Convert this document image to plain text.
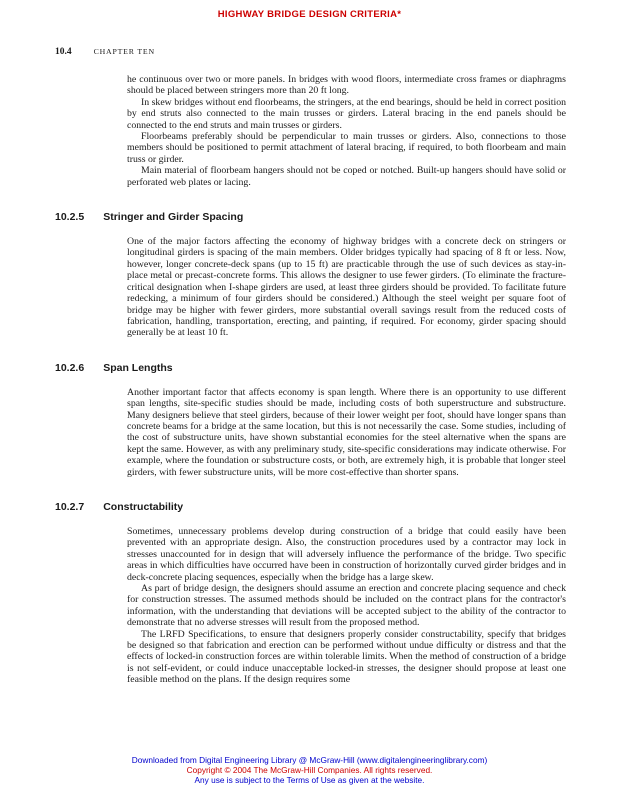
HIGHWAY BRIDGE DESIGN CRITERIA*
10.4	CHAPTER TEN

he continuous over two or more panels. In bridges with wood floors, intermediate cross frames or diaphragms should be placed between stringers more than 20 ft long.

In skew bridges without end floorbeams, the stringers, at the end bearings, should be held in correct position by end struts also connected to the main trusses or girders. Lateral bracing in the end panels should be connected to the end struts and main trusses or girders.

Floorbeams preferably should be perpendicular to main trusses or girders. Also, connections to those members should be positioned to permit attachment of lateral bracing, if required, to both floorbeam and main truss or girder.

Main material of floorbeam hangers should not be coped or notched. Built-up hangers should have solid or perforated web plates or lacing.

10.2.5 Stringer and Girder Spacing

One of the major factors affecting the economy of highway bridges with a concrete deck on stringers or longitudinal girders is spacing of the main members. Older bridges typically had spacing of 8 ft or less. Now, however, longer concrete-deck spans (up to 15 ft) are practicable through the use of such devices as stay-in-place metal or precast-concrete forms. This allows the designer to use fewer girders. (To eliminate the fracture-critical designation when I-shape girders are used, at least three girders should be provided. To facilitate future redecking, a minimum of four girders should be considered.) Although the steel weight per square foot of bridge may be higher with fewer girders, more substantial overall savings result from the reduced costs of fabrication, handling, transportation, erecting, and painting, if required. For economy, girder spacing should generally be at least 10 ft.

10.2.6 Span Lengths

Another important factor that affects economy is span length. Where there is an opportunity to use different span lengths, site-specific studies should be made, including costs of both superstructure and substructure. Many designers believe that steel girders, because of their lower weight per foot, should have longer spans than concrete beams for a bridge at the same location, but this is not necessarily the case. Some studies, including of the cost of substructure units, have shown substantial economies for the steel alternative when the spans are kept the same. However, as with any preliminary study, site-specific considerations may indicate otherwise. For example, where the foundation or substructure costs, or both, are extremely high, it is probable that longer steel girders, with fewer substructure units, will be more cost-effective than shorter spans.

10.2.7 Constructability

Sometimes, unnecessary problems develop during construction of a bridge that could easily have been prevented with an appropriate design. Also, the construction procedures used by a contractor may lock in stresses unaccounted for in design that will adversely influence the performance of the bridge. Two specific areas in which difficulties have occurred have been in construction of horizontally curved girder bridges and in deck-concrete placing sequences, especially when the bridge has a large skew.

As part of bridge design, the designers should assume an erection and concrete placing sequence and check for construction stresses. The assumed methods should be included on the contract plans for the contractor's information, with the understanding that deviations will be accepted subject to the ability of the contractor to demonstrate that no adverse stresses will result from the proposed method.

The LRFD Specifications, to ensure that designers properly consider constructability, specify that bridges be designed so that fabrication and erection can be performed without undue difficulty or distress and that the effects of locked-in construction forces are within tolerable limits. When the method of construction of a bridge is not self-evident, or could induce unacceptable locked-in stresses, the designer should propose at least one feasible method on the plans. If the design requires some

Downloaded from Digital Engineering Library @ McGraw-Hill (www.digitalengineeringlibrary.com)
Copyright © 2004 The McGraw-Hill Companies. All rights reserved.
Any use is subject to the Terms of Use as given at the website.
